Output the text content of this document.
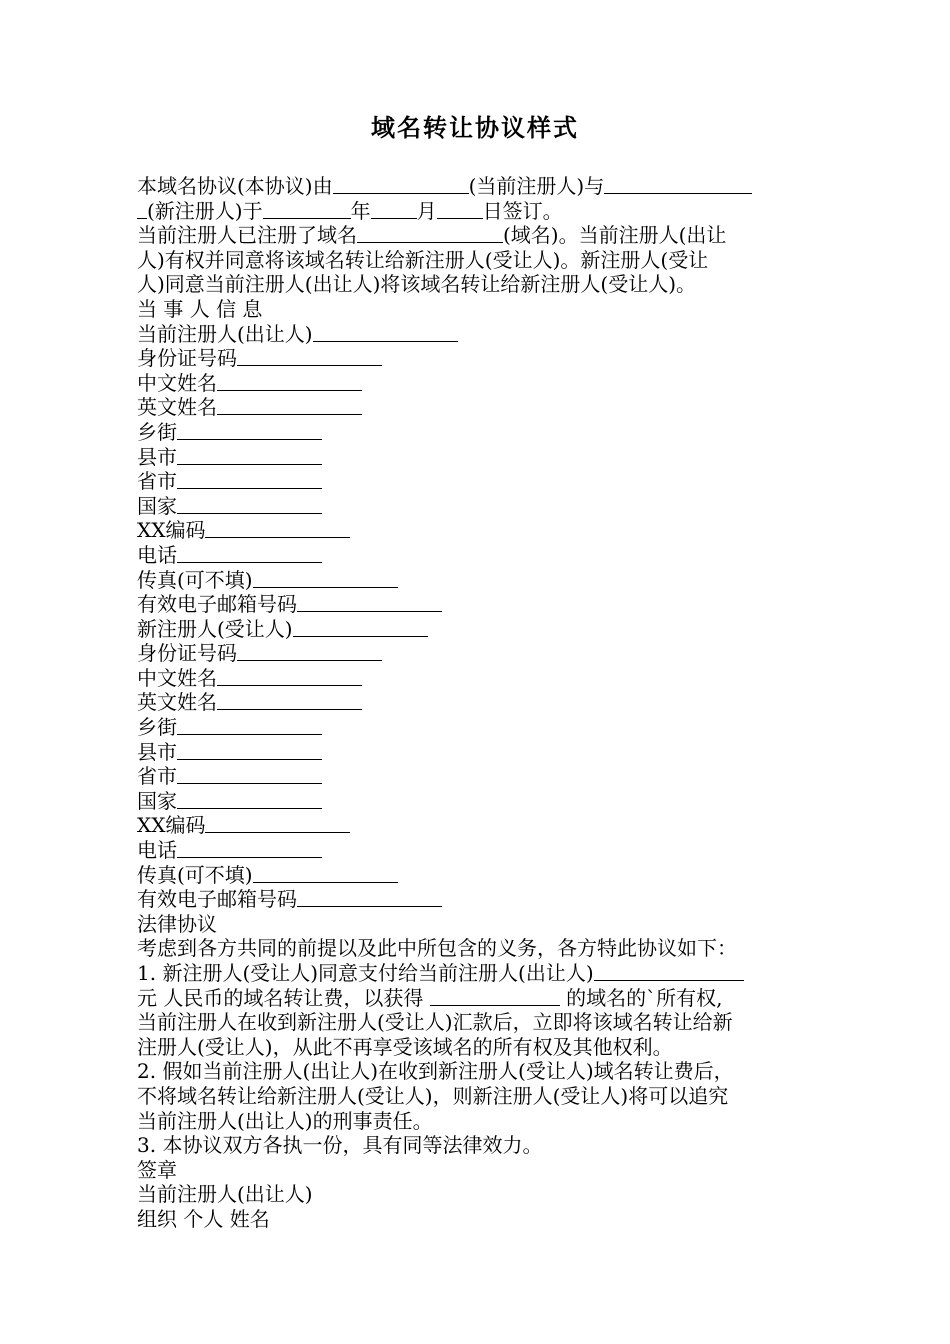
域名转让协议样式
本域名协议(本协议)由	(当前注册人)与
(新注册人)于	年 月 日签订。
当前注册人已注册了域名	(域名)。当前注册人(出让
人)有权并同意将该域名转让给新注册人(受让人)。新注册人(受让
人)同意当前注册人(出让人)将该域名转让给新注册人(受让人)。
当 事 人 信 息
当前注册人(出让人)
身份证号码
中文姓名
英文姓名
乡街
县市
省市
国家
XX编码
电话
传真(可不填)
有效电子邮箱号码
新注册人(受让人)
身份证号码
中文姓名
英文姓名
乡街
县市
省市
国家
XX编码
电话
传真(可不填)
有效电子邮箱号码
法律协议
考虑到各方共同的前提以及此中所包含的义务，各方特此协议如下：
1. 新注册人(受让人)同意支付给当前注册人(出让人)
元 人民币的域名转让费，以获得	的域名的`所有权,
当前注册人在收到新注册人(受让人)汇款后，立即将该域名转让给新
注册人(受让人)，从此不再享受该域名的所有权及其他权利。
2. 假如当前注册人(出让人)在收到新注册人(受让人)域名转让费后，
不将域名转让给新注册人(受让人)，则新注册人(受让人)将可以追究
当前注册人(出让人)的刑事责任。
3. 本协议双方各执一份，具有同等法律效力。
签章
当前注册人(出让人)
组织 个人 姓名
